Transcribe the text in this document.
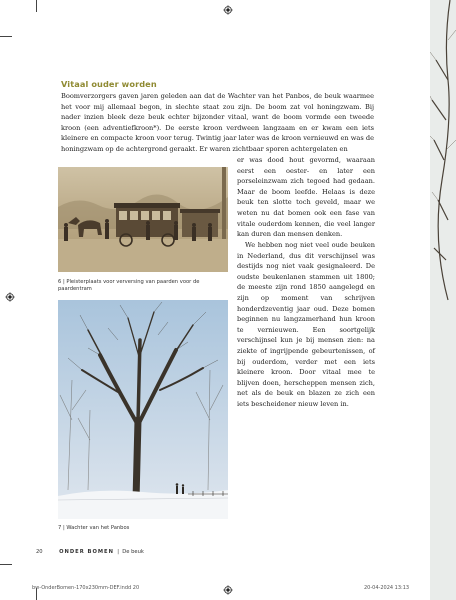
Vitaal ouder worden
Boomverzorgers gaven jaren geleden aan dat de Wachter van het Panbos, de beuk waarmee het voor mij allemaal begon, in slechte staat zou zijn. De boom zat vol honingzwam. Bij nader inzien bleek deze beuk echter bijzonder vitaal, want de boom vormde een tweede kroon (een adventiefkroon*). De eerste kroon verdween langzaam en er kwam een iets kleinere en compacte kroon voor terug. Twintig jaar later was de kroon vernieuwd en was de honingzwam op de achtergrond geraakt. Er waren zichtbaar sporen achtergelaten en
er was dood hout gevormd, waaraan eerst een oester- en later een porseleinzwam zich tegoed had gedaan. Maar de boom leefde. Helaas is deze beuk ten slotte toch geveld, maar we weten nu dat bomen ook een fase van vitale ouderdom kennen, die veel langer kan duren dan mensen denken.
We hebben nog niet veel oude beuken in Nederland, dus dit verschijnsel was destijds nog niet vaak gesignaleerd. De oudste beukenlanen stammen uit 1800; de meeste zijn rond 1850 aangelegd en zijn op moment van schrijven honderdzeventig jaar oud. Deze bomen beginnen nu langzamerhand hun kroon te vernieuwen. Een soortgelijk verschijnsel kun je bij mensen zien: na ziekte of ingrijpende gebeurtenissen, of bij ouderdom, verder met een iets kleinere kroon. Door vitaal mee te blijven doen, herscheppen mensen zich, net als de beuk en blazen ze zich een iets bescheidener nieuw leven in.
6 | Pleisterplaats voor verversing van paarden voor de paardentram
7 | Wachter van het Panbos
20	ONDER BOMEN  |  De beuk
bw-OnderBomen-170x230mm-DEF.indd 20	20-04-2024 13:13
